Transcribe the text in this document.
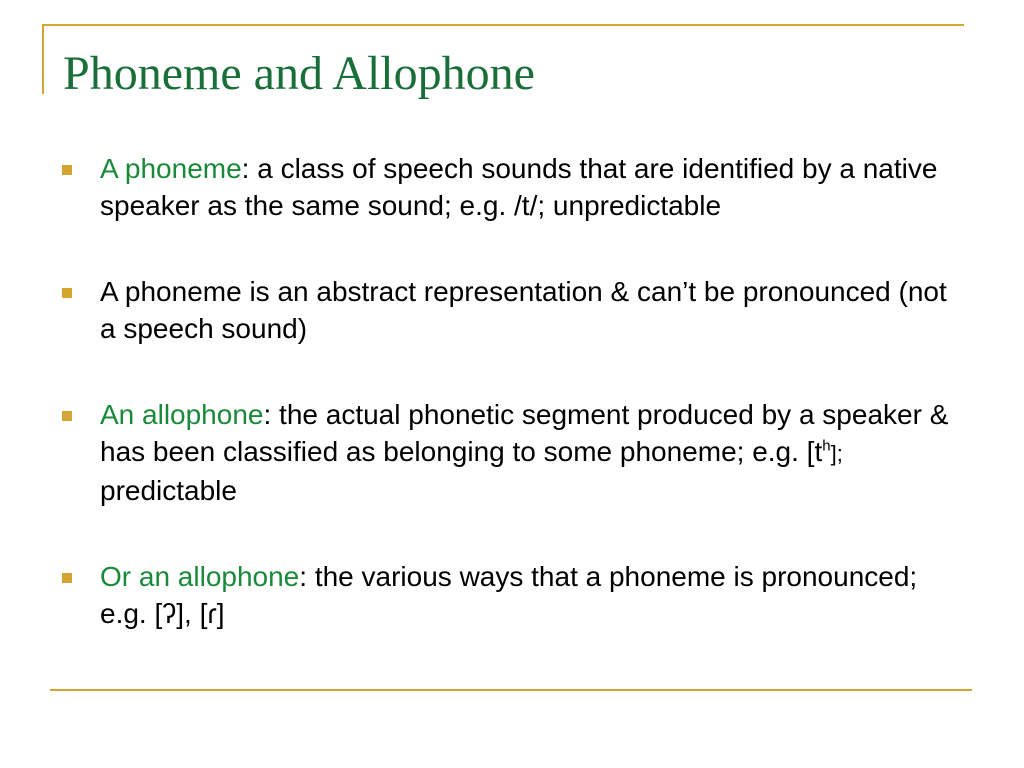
Phoneme and Allophone
A phoneme: a class of speech sounds that are identified by a native speaker as the same sound; e.g. /t/; unpredictable
A phoneme is an abstract representation & can’t be pronounced (not a speech sound)
An allophone: the actual phonetic segment produced by a speaker & has been classified as belonging to some phoneme; e.g. $[t^h]$; predictable
Or an allophone: the various ways that a phoneme is pronounced; e.g. [ʔ], [ɾ]
